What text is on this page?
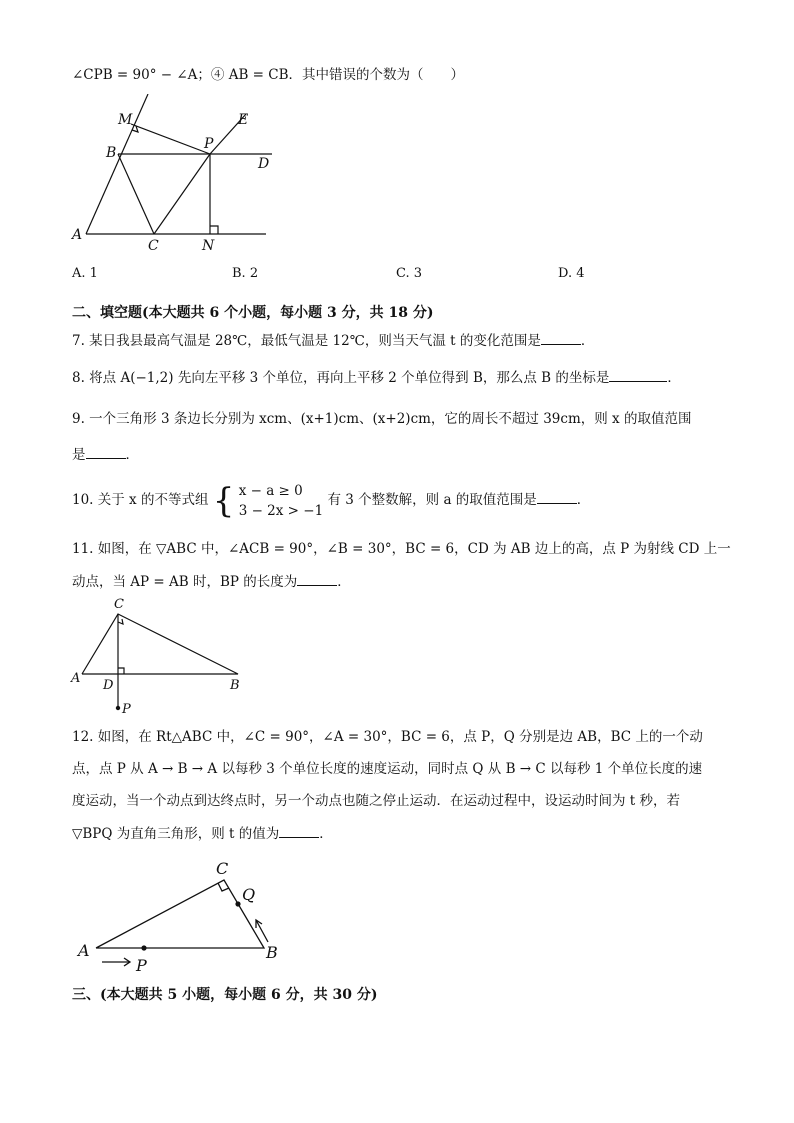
∠CPB = 90° − ∠A；④ AB = CB．其中错误的个数为（　　）
M	E
B
P
D
A
C	N
A. 1	B. 2	C. 3	D. 4
二、填空题(本大题共 6 个小题，每小题 3 分，共 18 分)
7. 某日我县最高气温是 28℃，最低气温是 12℃，则当天气温 t 的变化范围是	．
8. 将点 A(−1,2) 先向左平移 3 个单位，再向上平移 2 个单位得到 B，那么点 B 的坐标是	．
9. 一个三角形 3 条边长分别为 xcm、(x+1)cm、(x+2)cm，它的周长不超过 39cm，则 x 的取值范围
是	．
10. 关于 x 的不等式组 { x − a ≥ 0
3 − 2x > −1
有 3 个整数解，则 a 的取值范围是	．
11. 如图，在 ▽ABC 中，∠ACB = 90°，∠B = 30°，BC = 6，CD 为 AB 边上的高，点 P 为射线 CD 上一
动点，当 AP = AB 时，BP 的长度为	．
C
A D	B
P
12. 如图，在 Rt△ABC 中，∠C = 90°，∠A = 30°，BC = 6，点 P，Q 分别是边 AB，BC 上的一个动
点，点 P 从 A → B → A 以每秒 3 个单位长度的速度运动，同时点 Q 从 B → C 以每秒 1 个单位长度的速
度运动，当一个动点到达终点时，另一个动点也随之停止运动．在运动过程中，设运动时间为 t 秒，若
▽BPQ 为直角三角形，则 t 的值为	．
C
Q
A
P
B
三、(本大题共 5 小题，每小题 6 分，共 30 分)
